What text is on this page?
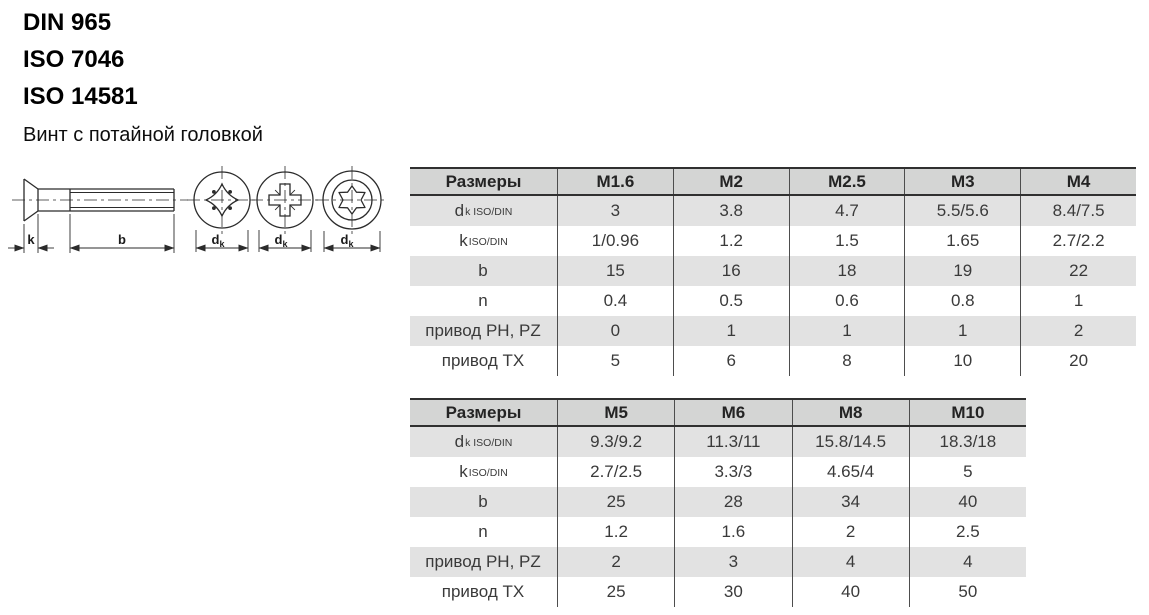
DIN 965
ISO 7046
ISO 14581
Винт с потайной головкой
k	b	dk	dk	dk
Размеры	M1.6	M2	M2.5	M3	M4
d k ISO/DIN	3	3.8	4.7	5.5/5.6	8.4/7.5
k ISO/DIN	1/0.96	1.2	1.5	1.65	2.7/2.2
b	15	16	18	19	22
n	0.4	0.5	0.6	0.8	1
привод PH, PZ	0	1	1	1	2
привод TX	5	6	8	10	20
Размеры	M5	M6	M8	M10
d k ISO/DIN	9.3/9.2	11.3/11	15.8/14.5	18.3/18
k ISO/DIN	2.7/2.5	3.3/3	4.65/4	5
b	25	28	34	40
n	1.2	1.6	2	2.5
привод PH, PZ	2	3	4	4
привод TX	25	30	40	50
